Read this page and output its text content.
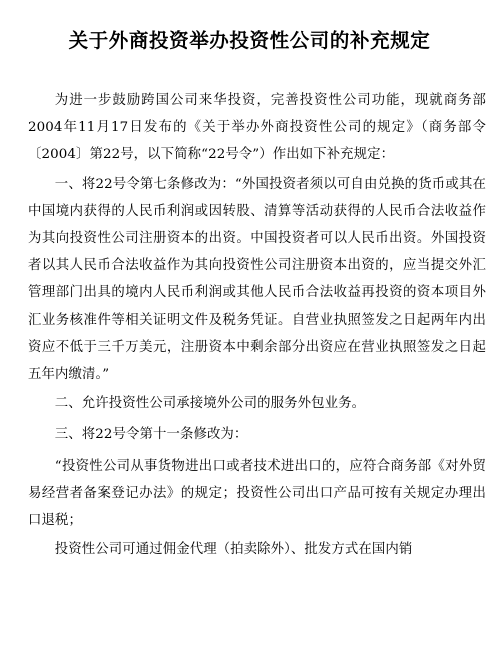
关于外商投资举办投资性公司的补充规定

为进一步鼓励跨国公司来华投资，完善投资性公司功能，现就商务部2004年11月17日发布的《关于举办外商投资性公司的规定》（商务部令〔2004〕第22号，以下简称“22号令”）作出如下补充规定：

一、将22号令第七条修改为：“外国投资者须以可自由兑换的货币或其在中国境内获得的人民币利润或因转股、清算等活动获得的人民币合法收益作为其向投资性公司注册资本的出资。中国投资者可以人民币出资。外国投资者以其人民币合法收益作为其向投资性公司注册资本出资的，应当提交外汇管理部门出具的境内人民币利润或其他人民币合法收益再投资的资本项目外汇业务核准件等相关证明文件及税务凭证。自营业执照签发之日起两年内出资应不低于三千万美元，注册资本中剩余部分出资应在营业执照签发之日起五年内缴清。”

二、允许投资性公司承接境外公司的服务外包业务。

三、将22号令第十一条修改为：

“投资性公司从事货物进出口或者技术进出口的，应符合商务部《对外贸易经营者备案登记办法》的规定；投资性公司出口产品可按有关规定办理出口退税；

投资性公司可通过佣金代理（拍卖除外）、批发方式在国内销
